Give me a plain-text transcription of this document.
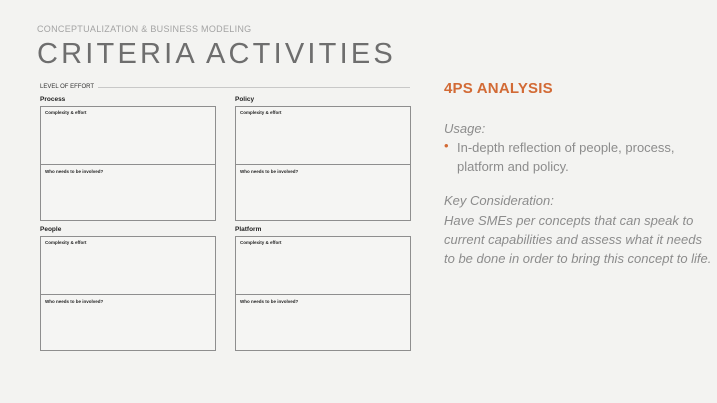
CONCEPTUALIZATION & BUSINESS MODELING
CRITERIA ACTIVITIES
LEVEL OF EFFORT
Process
Complexity & effort
Who needs to be involved?
Policy
Complexity & effort
Who needs to be involved?
People
Complexity & effort
Who needs to be involved?
Platform
Complexity & effort
Who needs to be involved?
4PS ANALYSIS
Usage:
• In-depth reflection of people, process, platform and policy.
Key Consideration:
Have SMEs per concepts that can speak to current capabilities and assess what it needs to be done in order to bring this concept to life.
